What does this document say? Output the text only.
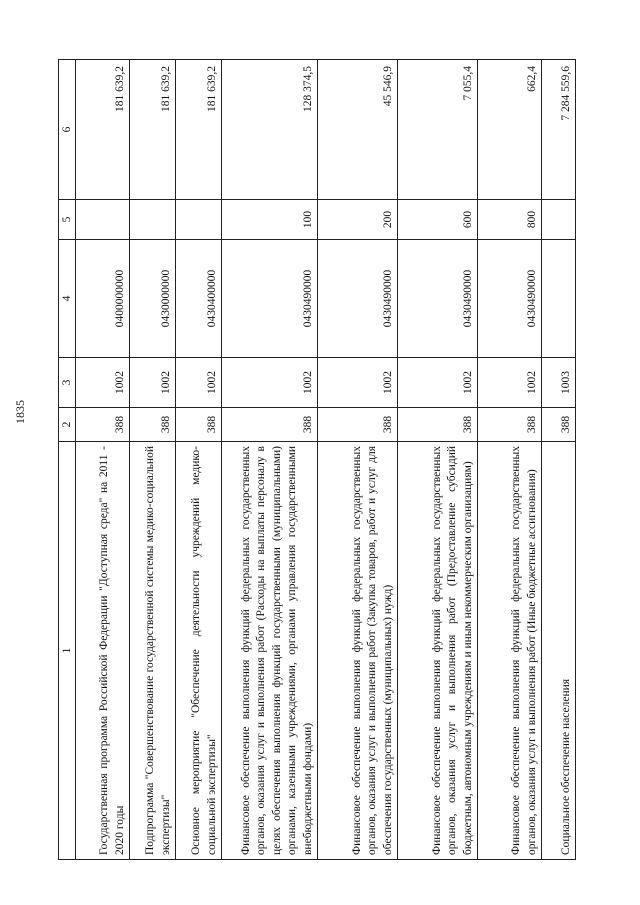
1835
1	2	3	4	5	6
Государственная программа Российской Федерации "Доступная среда" на 2011 - 2020 годы	388	1002	0400000000		181 639,2
Подпрограмма "Совершенствование государственной системы медико-социальной экспертизы"	388	1002	0430000000		181 639,2
Основное мероприятие "Обеспечение деятельности учреждений медико-социальной экспертизы"	388	1002	0430400000		181 639,2
Финансовое обеспечение выполнения функций федеральных государственных органов, оказания услуг и выполнения работ (Расходы на выплаты персоналу в целях обеспечения выполнения функций государственными (муниципальными) органами, казенными учреждениями, органами управления государственными внебюджетными фондами)	388	1002	0430490000	100	128 374,5
Финансовое обеспечение выполнения функций федеральных государственных органов, оказания услуг и выполнения работ (Закупка товаров, работ и услуг для обеспечения государственных (муниципальных) нужд)	388	1002	0430490000	200	45 546,9
Финансовое обеспечение выполнения функций федеральных государственных органов, оказания услуг и выполнения работ (Предоставление субсидий бюджетным, автономным учреждениям и иным некоммерческим организациям)	388	1002	0430490000	600	7 055,4
Финансовое обеспечение выполнения функций федеральных государственных органов, оказания услуг и выполнения работ (Иные бюджетные ассигнования)	388	1002	0430490000	800	662,4
Социальное обеспечение населения	388	1003			7 284 559,6
